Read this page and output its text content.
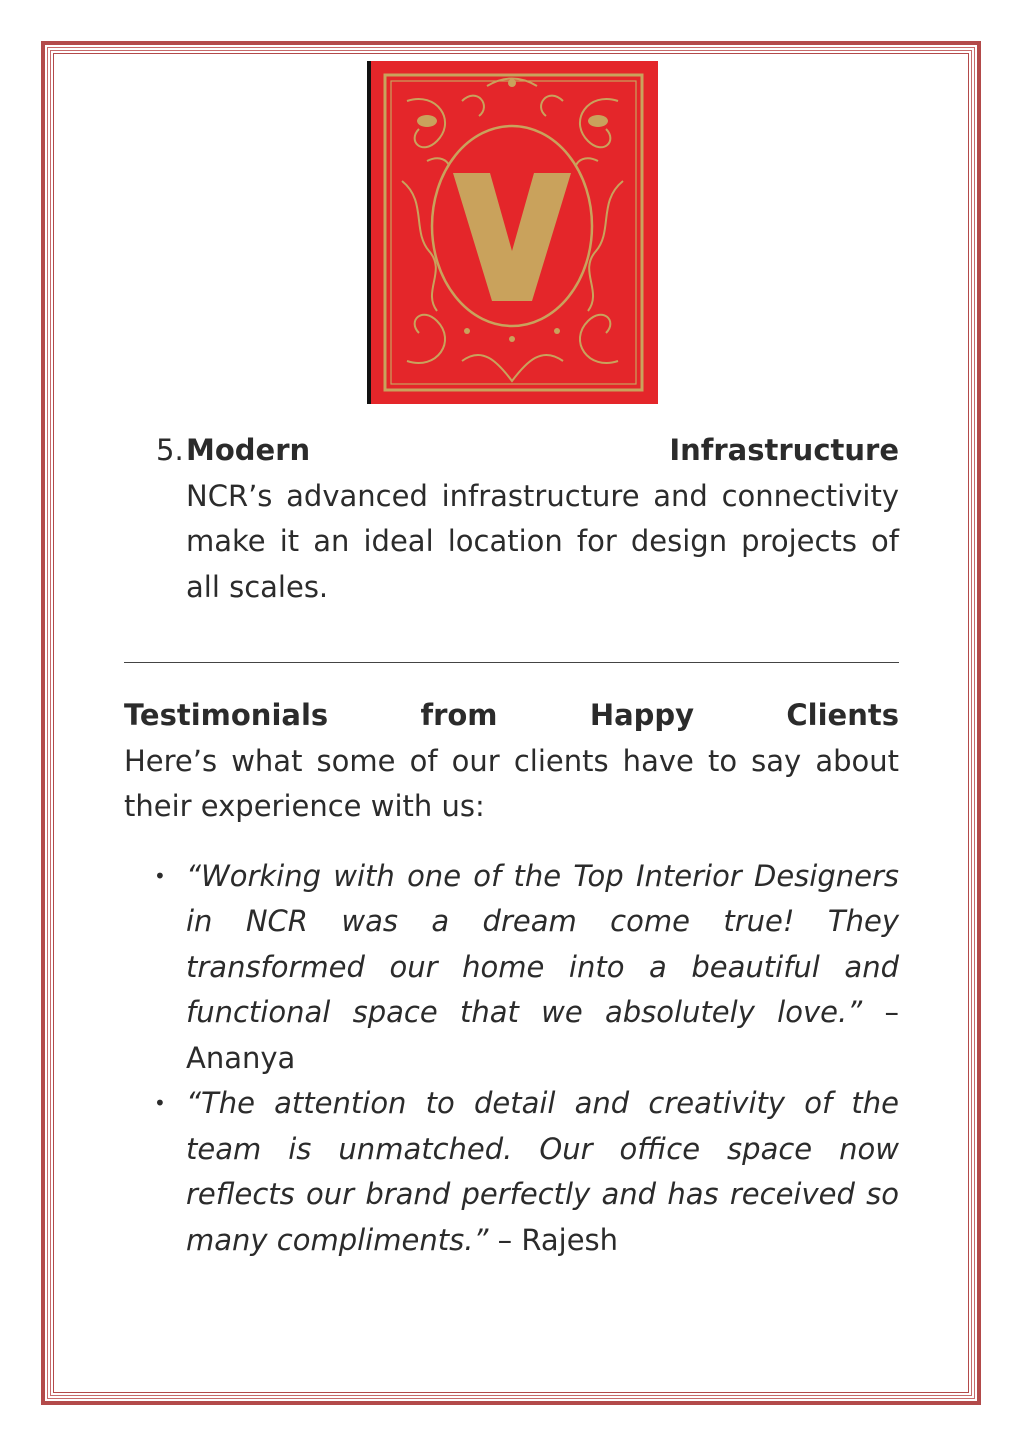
5. Modern	Infrastructure
NCR’s advanced infrastructure and connectivity make it an ideal location for design projects of all scales.
Testimonials	from	Happy	Clients
Here’s what some of our clients have to say about their experience with us:
• “Working with one of the Top Interior Designers in NCR was a dream come true! They transformed our home into a beautiful and functional space that we absolutely love.” – Ananya
• “The attention to detail and creativity of the team is unmatched. Our office space now reflects our brand perfectly and has received so many compliments.” – Rajesh
